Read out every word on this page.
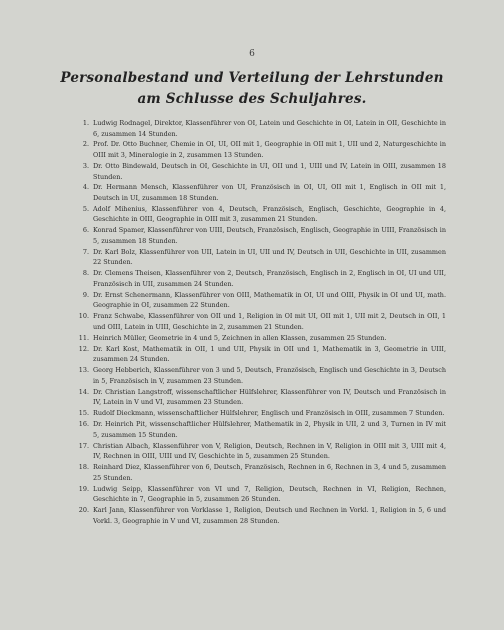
6
Personalbestand und Verteilung der Lehrstunden
am Schlusse des Schuljahres.
1. Ludwig Rodnagel, Direktor, Klassenführer von OI, Latein und Geschichte in OI, Latein in OII, Geschichte in 6, zusammen 14 Stunden.
2. Prof. Dr. Otto Buchner, Chemie in OI, UI, OII mit 1, Geographie in OII mit 1, UII und 2, Naturgeschichte in OIII mit 3, Mineralogie in 2, zusammen 13 Stunden.
3. Dr. Otto Bindewald, Deutsch in OI, Geschichte in UI, OII und 1, UIII und IV, Latein in OIII, zusammen 18 Stunden.
4. Dr. Hermann Mensch, Klassenführer von UI, Französisch in OI, UI, OII mit 1, Englisch in OII mit 1, Deutsch in UI, zusammen 18 Stunden.
5. Adolf Mihenius, Klassenführer von 4, Deutsch, Französisch, Englisch, Geschichte, Geographie in 4, Geschichte in OIII, Geographie in OIII mit 3, zusammen 21 Stunden.
6. Konrad Spamer, Klassenführer von UIII, Deutsch, Französisch, Englisch, Geographie in UIII, Französisch in 5, zusammen 18 Stunden.
7. Dr. Karl Bolz, Klassenführer von UII, Latein in UI, UII und IV, Deutsch in UII, Geschichte in UII, zusammen 22 Stunden.
8. Dr. Clemens Theisen, Klassenführer von 2, Deutsch, Französisch, Englisch in 2, Englisch in OI, UI und UII, Französisch in UII, zusammen 24 Stunden.
9. Dr. Ernst Schenermann, Klassenführer von OIII, Mathematik in OI, UI und OIII, Physik in OI und UI, math. Geographie in OI, zusammen 22 Stunden.
10. Franz Schwabe, Klassenführer von OII und 1, Religion in OI mit UI, OII mit 1, UII mit 2, Deutsch in OII, 1 und OIII, Latein in UIII, Geschichte in 2, zusammen 21 Stunden.
11. Heinrich Müller, Geometrie in 4 und 5, Zeichnen in allen Klassen, zusammen 25 Stunden.
12. Dr. Karl Kost, Mathematik in OII, 1 und UII, Physik in OII und 1, Mathematik in 3, Geometrie in UIII, zusammen 24 Stunden.
13. Georg Hebberich, Klassenführer von 3 und 5, Deutsch, Französisch, Englisch und Geschichte in 3, Deutsch in 5, Französisch in V, zusammen 23 Stunden.
14. Dr. Christian Langstroff, wissenschaftlicher Hülfslehrer, Klassenführer von IV, Deutsch und Französisch in IV, Latein in V und VI, zusammen 23 Stunden.
15. Rudolf Dieckmann, wissenschaftlicher Hülfslehrer, Englisch und Französisch in OIII, zusammen 7 Stunden.
16. Dr. Heinrich Pit, wissenschaftlicher Hülfslehrer, Mathematik in 2, Physik in UII, 2 und 3, Turnen in IV mit 5, zusammen 15 Stunden.
17. Christian Albach, Klassenführer von V, Religion, Deutsch, Rechnen in V, Religion in OIII mit 3, UIII mit 4, IV, Rechnen in OIII, UIII und IV, Geschichte in 5, zusammen 25 Stunden.
18. Reinhard Diez, Klassenführer von 6, Deutsch, Französisch, Rechnen in 6, Rechnen in 3, 4 und 5, zusammen 25 Stunden.
19. Ludwig Seipp, Klassenführer von VI und 7, Religion, Deutsch, Rechnen in VI, Religion, Rechnen, Geschichte in 7, Geographie in 5, zusammen 26 Stunden.
20. Karl Jann, Klassenführer von Vorklasse 1, Religion, Deutsch und Rechnen in Vorkl. 1, Religion in 5, 6 und Vorkl. 3, Geographie in V und VI, zusammen 28 Stunden.
